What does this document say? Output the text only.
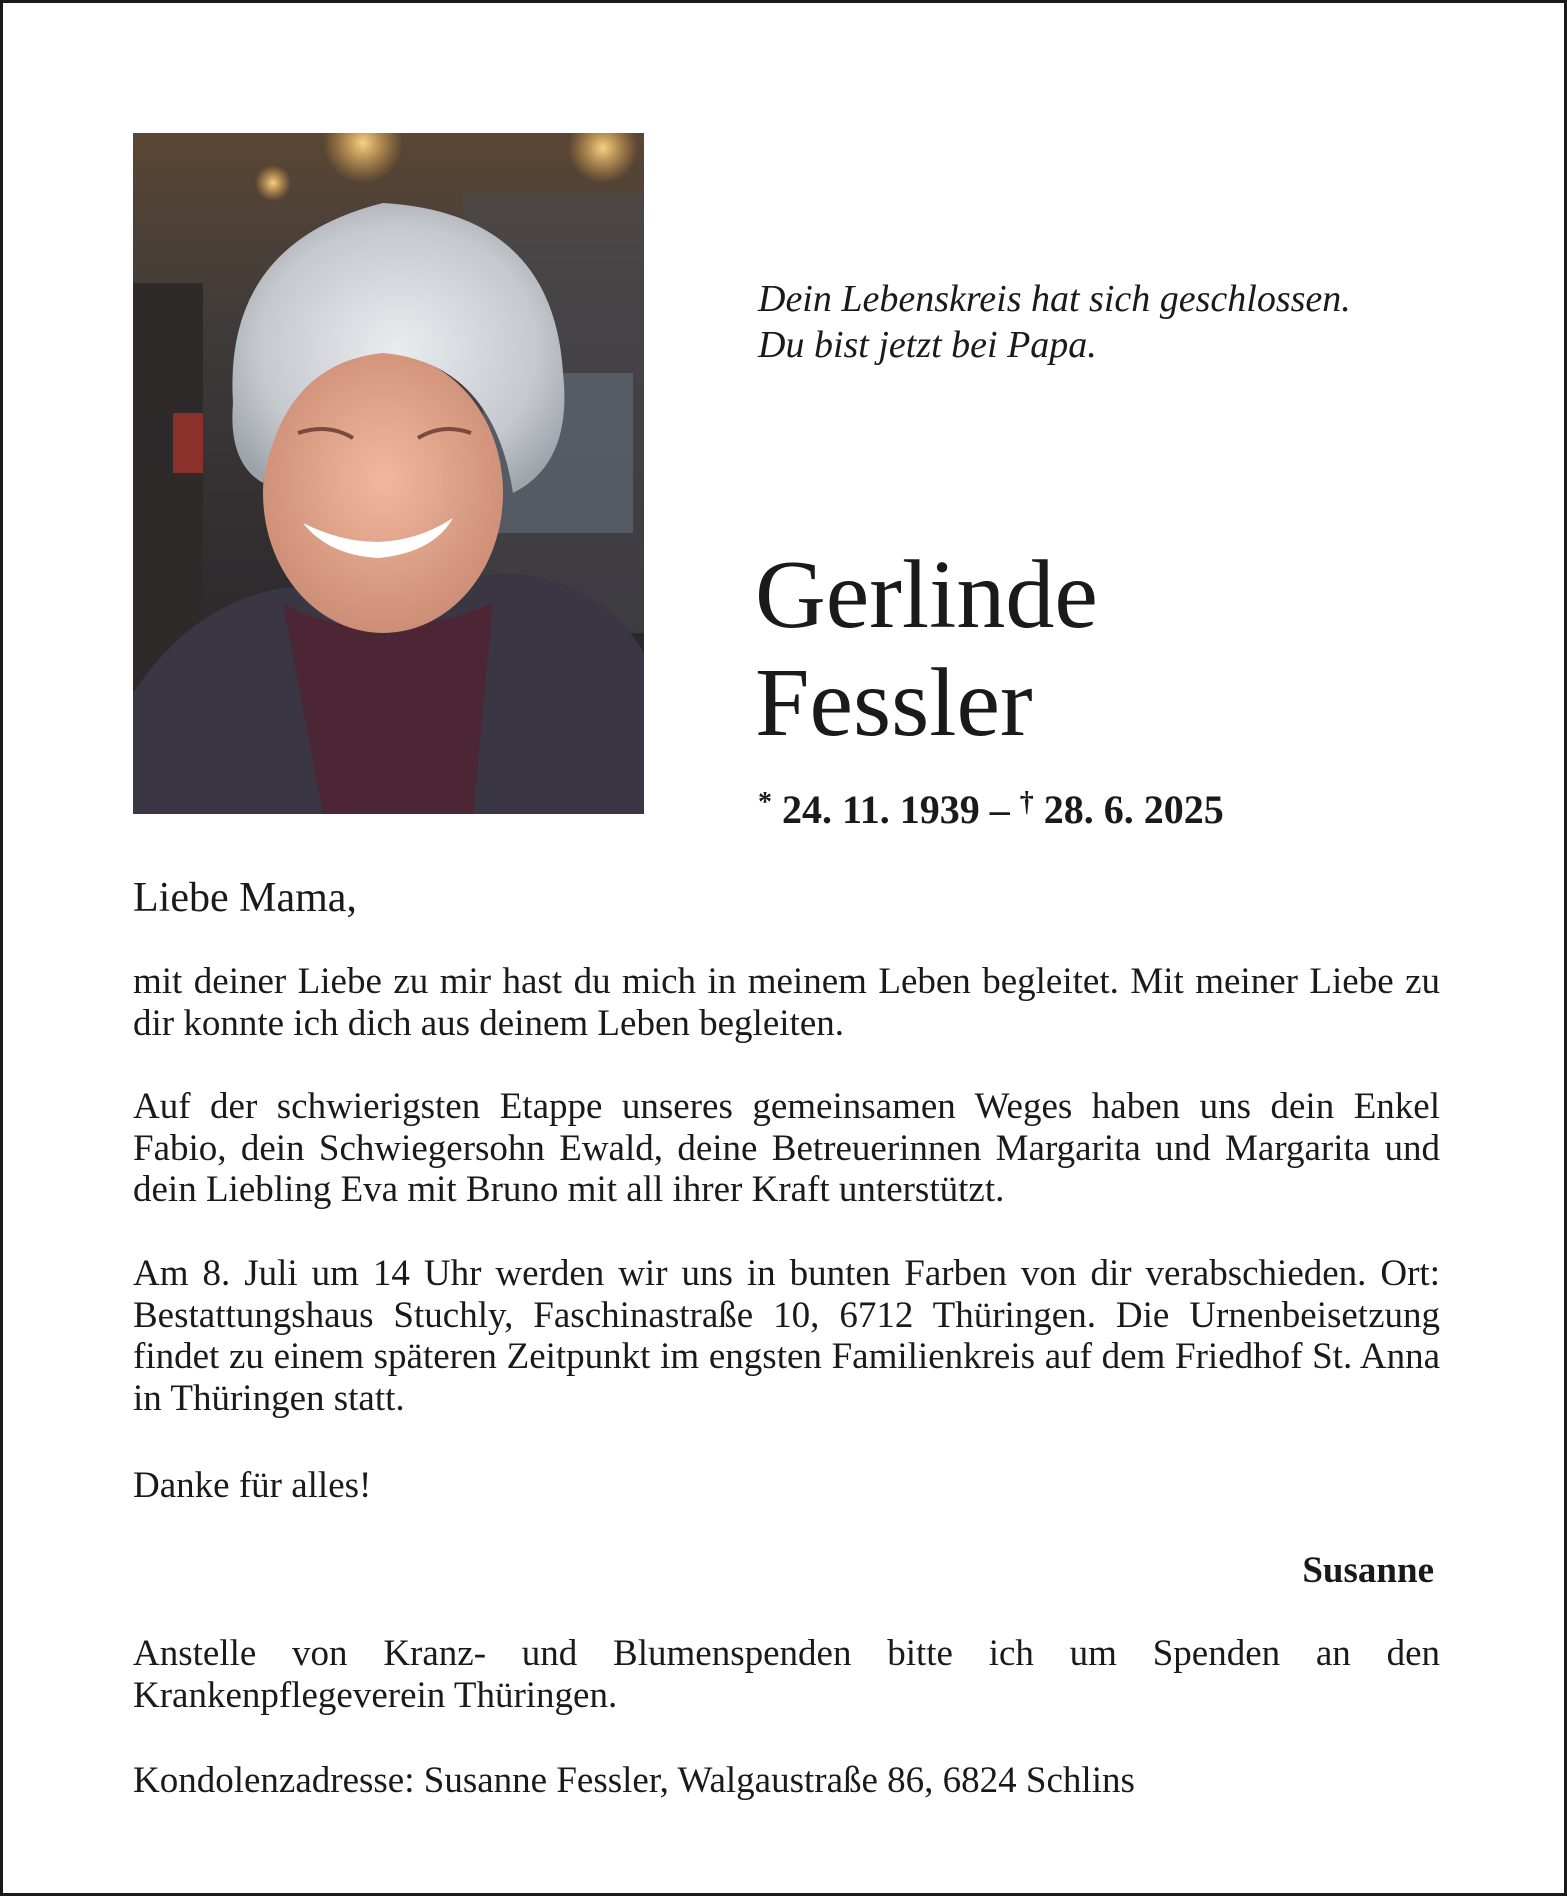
Dein Lebenskreis hat sich geschlossen.
Du bist jetzt bei Papa.
Gerlinde
Fessler
* 24. 11. 1939 – † 28. 6. 2025
Liebe Mama,
mit deiner Liebe zu mir hast du mich in meinem Leben begleitet. Mit meiner Liebe zu dir konnte ich dich aus deinem Leben begleiten.
Auf der schwierigsten Etappe unseres gemeinsamen Weges haben uns dein Enkel Fabio, dein Schwiegersohn Ewald, deine Betreuerinnen Margarita und Margarita und dein Liebling Eva mit Bruno mit all ihrer Kraft unterstützt.
Am 8. Juli um 14 Uhr werden wir uns in bunten Farben von dir verabschieden. Ort: Bestattungshaus Stuchly, Faschinastraße 10, 6712 Thüringen. Die Urnenbeisetzung findet zu einem späteren Zeitpunkt im engsten Familienkreis auf dem Friedhof St. Anna in Thüringen statt.
Danke für alles!
Susanne
Anstelle von Kranz- und Blumenspenden bitte ich um Spenden an den Krankenpflegeverein Thüringen.
Kondolenzadresse: Susanne Fessler, Walgaustraße 86, 6824 Schlins
